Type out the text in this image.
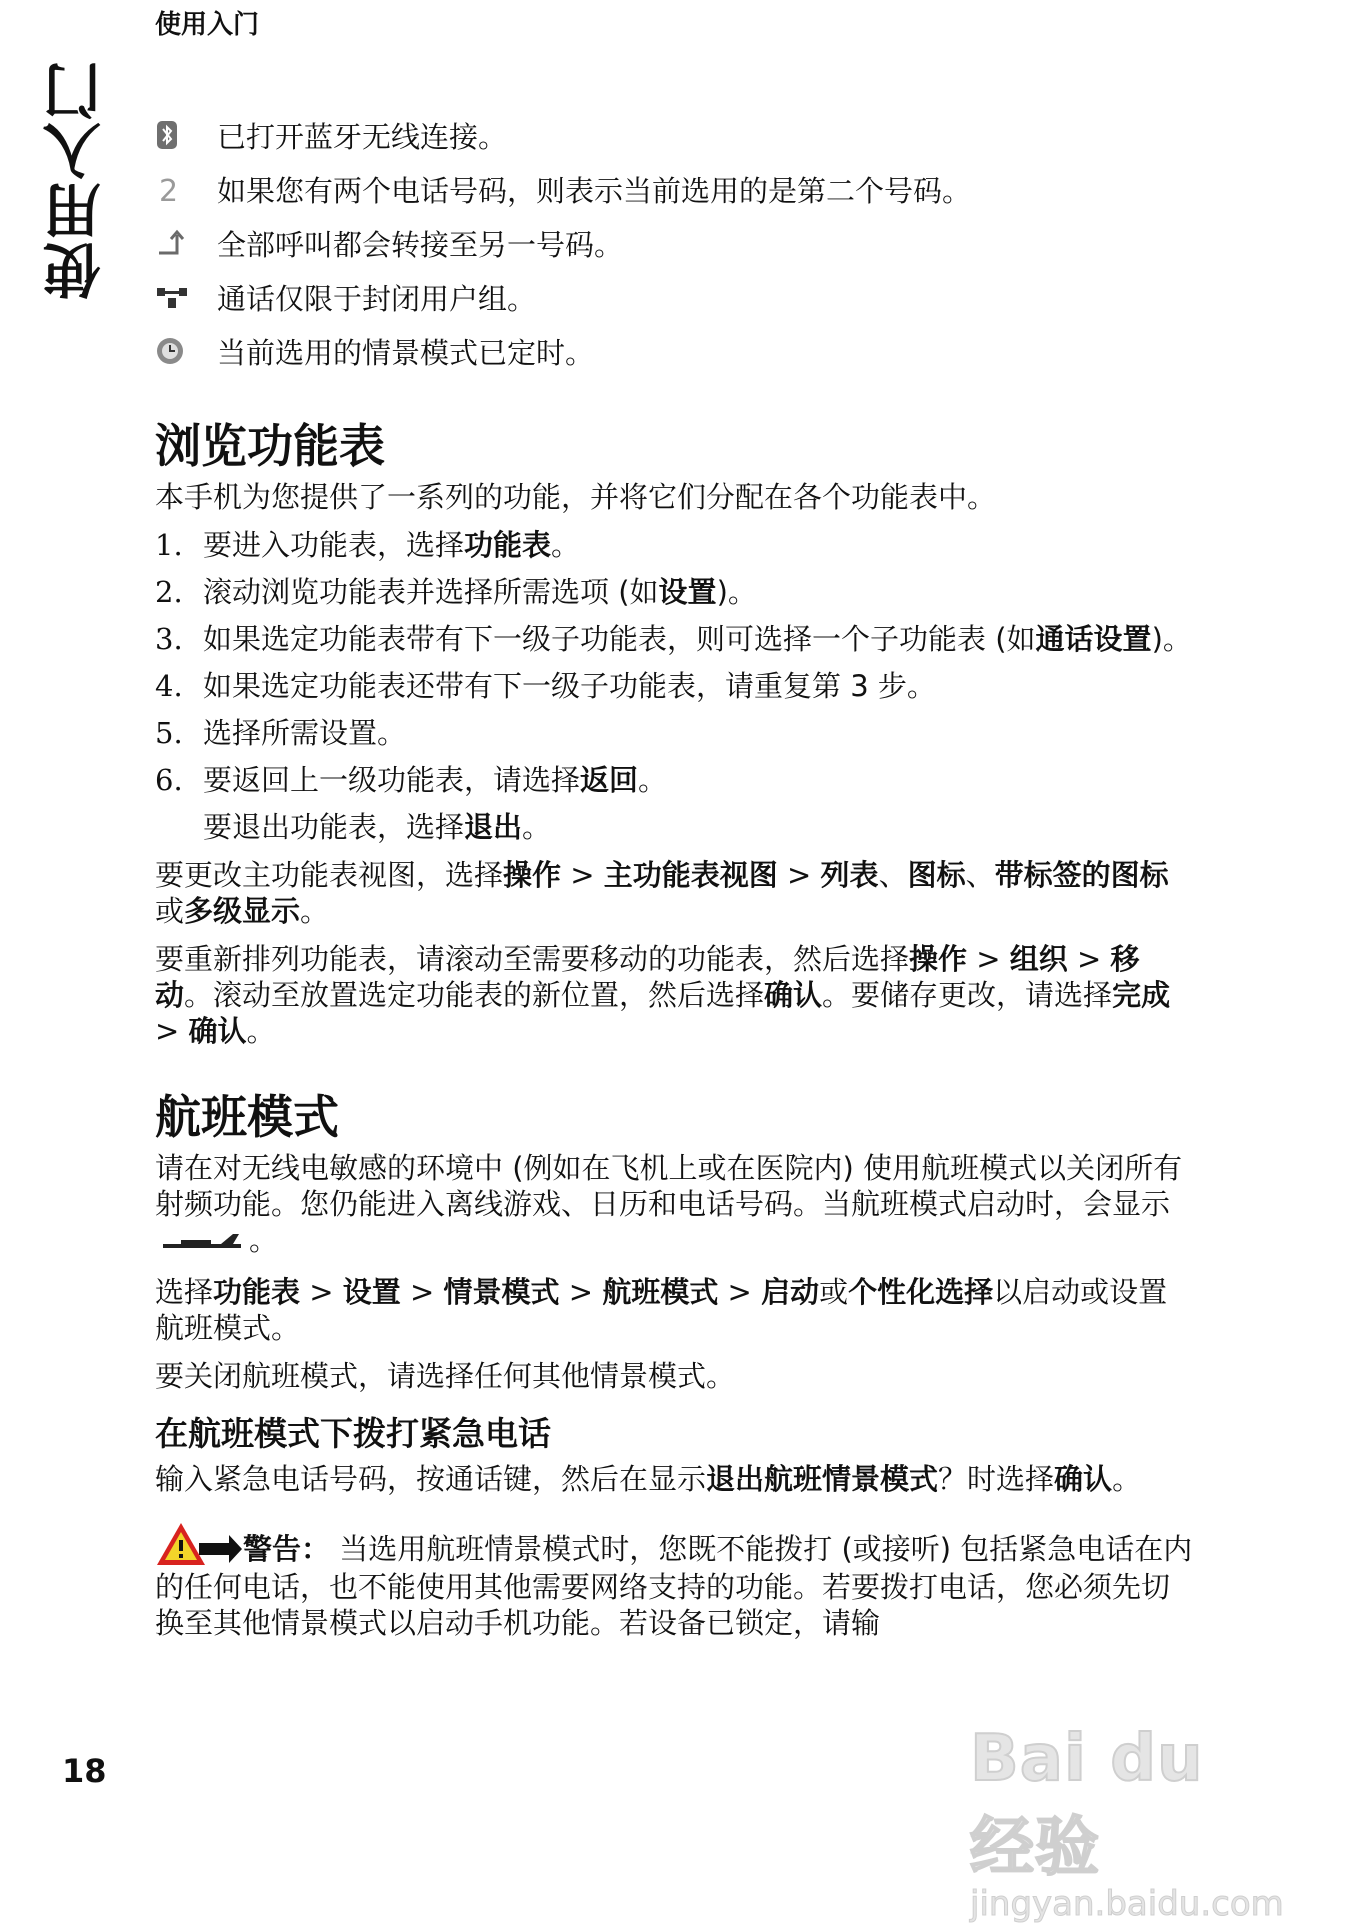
使用入门
使用入门
18
已打开蓝牙无线连接。
2 如果您有两个电话号码，则表示当前选用的是第二个号码。
全部呼叫都会转接至另一号码。
通话仅限于封闭用户组。
当前选用的情景模式已定时。
浏览功能表

本手机为您提供了一系列的功能，并将它们分配在各个功能表中。

1. 要进入功能表，选择功能表。
2. 滚动浏览功能表并选择所需选项 (如设置)。
3. 如果选定功能表带有下一级子功能表，则可选择一个子功能表 (如通话设置)。
4. 如果选定功能表还带有下一级子功能表，请重复第 3 步。
5. 选择所需设置。
6. 要返回上一级功能表，请选择返回。

要退出功能表，选择退出。

要更改主功能表视图，选择操作 > 主功能表视图 > 列表、图标、带标签的图标或多级显示。

要重新排列功能表，请滚动至需要移动的功能表，然后选择操作 > 组织 > 移动。滚动至放置选定功能表的新位置，然后选择确认。要储存更改，请选择完成 > 确认。

航班模式

请在对无线电敏感的环境中 (例如在飞机上或在医院内) 使用航班模式以关闭所有射频功能。您仍能进入离线游戏、日历和电话号码。当航班模式启动时，会显示 。

选择功能表 > 设置 > 情景模式 > 航班模式 > 启动或个性化选择以启动或设置航班模式。

要关闭航班模式，请选择任何其他情景模式。

在航班模式下拨打紧急电话

输入紧急电话号码，按通话键，然后在显示退出航班情景模式？时选择确认。

警告： 当选用航班情景模式时，您既不能拨打 (或接听) 包括紧急电话在内的任何电话，也不能使用其他需要网络支持的功能。若要拨打电话，您必须先切换至其他情景模式以启动手机功能。若设备已锁定，请输
Bai du 经验
jingyan.baidu.com
